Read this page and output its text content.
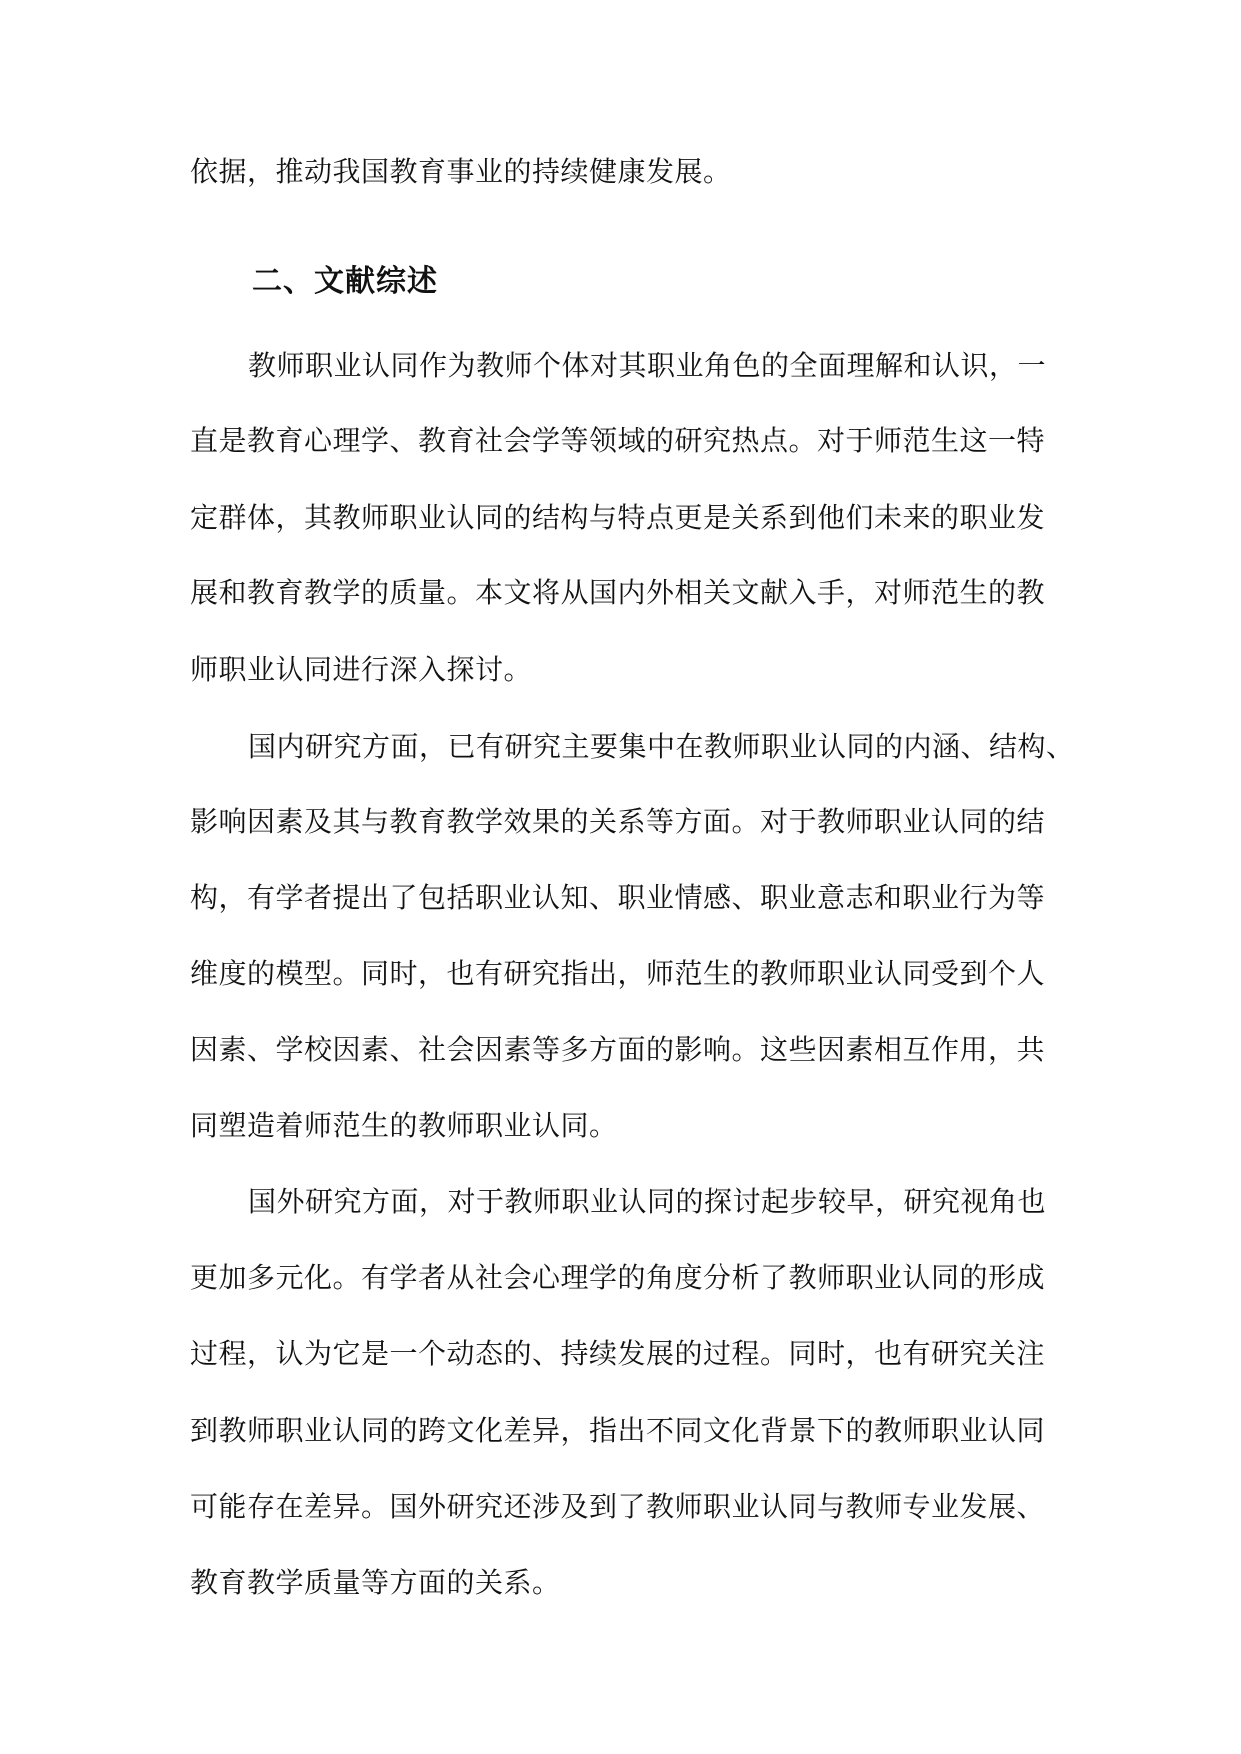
依据，推动我国教育事业的持续健康发展。
二、文献综述
教师职业认同作为教师个体对其职业角色的全面理解和认识，一
直是教育心理学、教育社会学等领域的研究热点。对于师范生这一特
定群体，其教师职业认同的结构与特点更是关系到他们未来的职业发
展和教育教学的质量。本文将从国内外相关文献入手，对师范生的教
师职业认同进行深入探讨。
国内研究方面，已有研究主要集中在教师职业认同的内涵、结构、
影响因素及其与教育教学效果的关系等方面。对于教师职业认同的结
构，有学者提出了包括职业认知、职业情感、职业意志和职业行为等
维度的模型。同时，也有研究指出，师范生的教师职业认同受到个人
因素、学校因素、社会因素等多方面的影响。这些因素相互作用，共
同塑造着师范生的教师职业认同。
国外研究方面，对于教师职业认同的探讨起步较早，研究视角也
更加多元化。有学者从社会心理学的角度分析了教师职业认同的形成
过程，认为它是一个动态的、持续发展的过程。同时，也有研究关注
到教师职业认同的跨文化差异，指出不同文化背景下的教师职业认同
可能存在差异。国外研究还涉及到了教师职业认同与教师专业发展、
教育教学质量等方面的关系。
